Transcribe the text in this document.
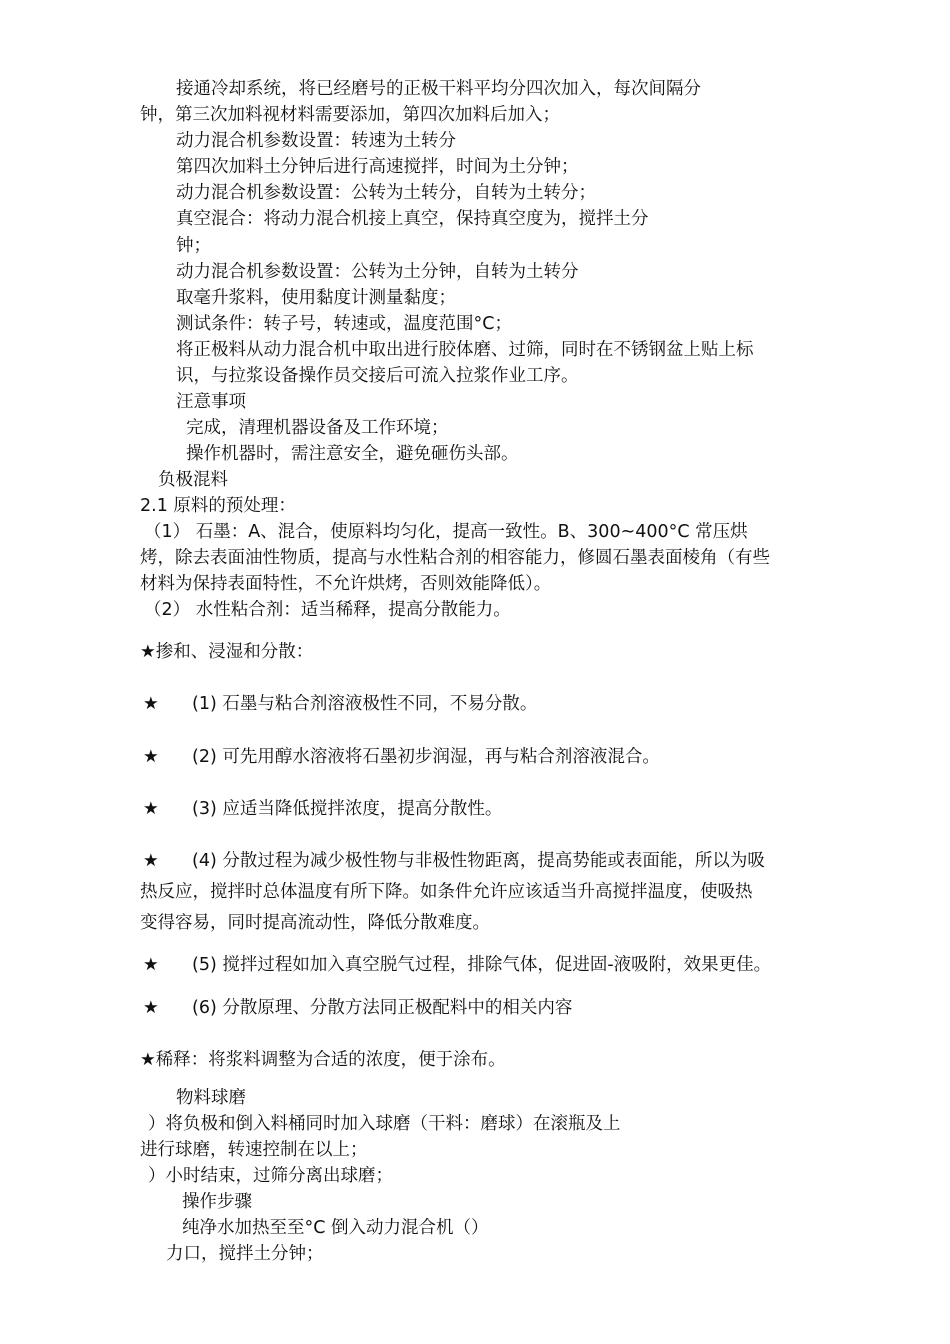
接通冷却系统，将已经磨号的正极干料平均分四次加入，每次间隔分
钟，第三次加料视材料需要添加，第四次加料后加入；
动力混合机参数设置：转速为土转分
第四次加料土分钟后进行高速搅拌，时间为土分钟；
动力混合机参数设置：公转为土转分，自转为土转分；
真空混合：将动力混合机接上真空，保持真空度为，搅拌土分
钟；
动力混合机参数设置：公转为土分钟，自转为土转分
取毫升浆料，使用黏度计测量黏度；
测试条件：转子号，转速或，温度范围°C；
将正极料从动力混合机中取出进行胶体磨、过筛，同时在不锈钢盆上贴上标
识，与拉浆设备操作员交接后可流入拉浆作业工序。
汪意事项
完成，清理机器设备及工作环境；
操作机器时，需注意安全，避免砸伤头部。
负极混料
2.1 原料的预处理：
（1） 石墨：A、混合，使原料均匀化，提高一致性。B、300~400°C 常压烘
烤，除去表面油性物质，提高与水性粘合剂的相容能力，修圆石墨表面棱角（有些
材料为保持表面特性，不允许烘烤，否则效能降低）。
（2） 水性粘合剂：适当稀释，提高分散能力。
★掺和、浸湿和分散：
★ (1) 石墨与粘合剂溶液极性不同，不易分散。
★ (2) 可先用醇水溶液将石墨初步润湿，再与粘合剂溶液混合。
★ (3) 应适当降低搅拌浓度，提高分散性。
★ (4) 分散过程为减少极性物与非极性物距离，提高势能或表面能，所以为吸
热反应，搅拌时总体温度有所下降。如条件允许应该适当升高搅拌温度，使吸热
变得容易，同时提高流动性，降低分散难度。
★ (5) 搅拌过程如加入真空脱气过程，排除气体，促进固-液吸附，效果更佳。
★ (6) 分散原理、分散方法同正极配料中的相关内容
★稀释：将浆料调整为合适的浓度，便于涂布。
物料球磨
）将负极和倒入料桶同时加入球磨（干料：磨球）在滚瓶及上
进行球磨，转速控制在以上；
）小时结束，过筛分离出球磨；
操作步骤
纯净水加热至至°C 倒入动力混合机（）
力口，搅拌土分钟；
